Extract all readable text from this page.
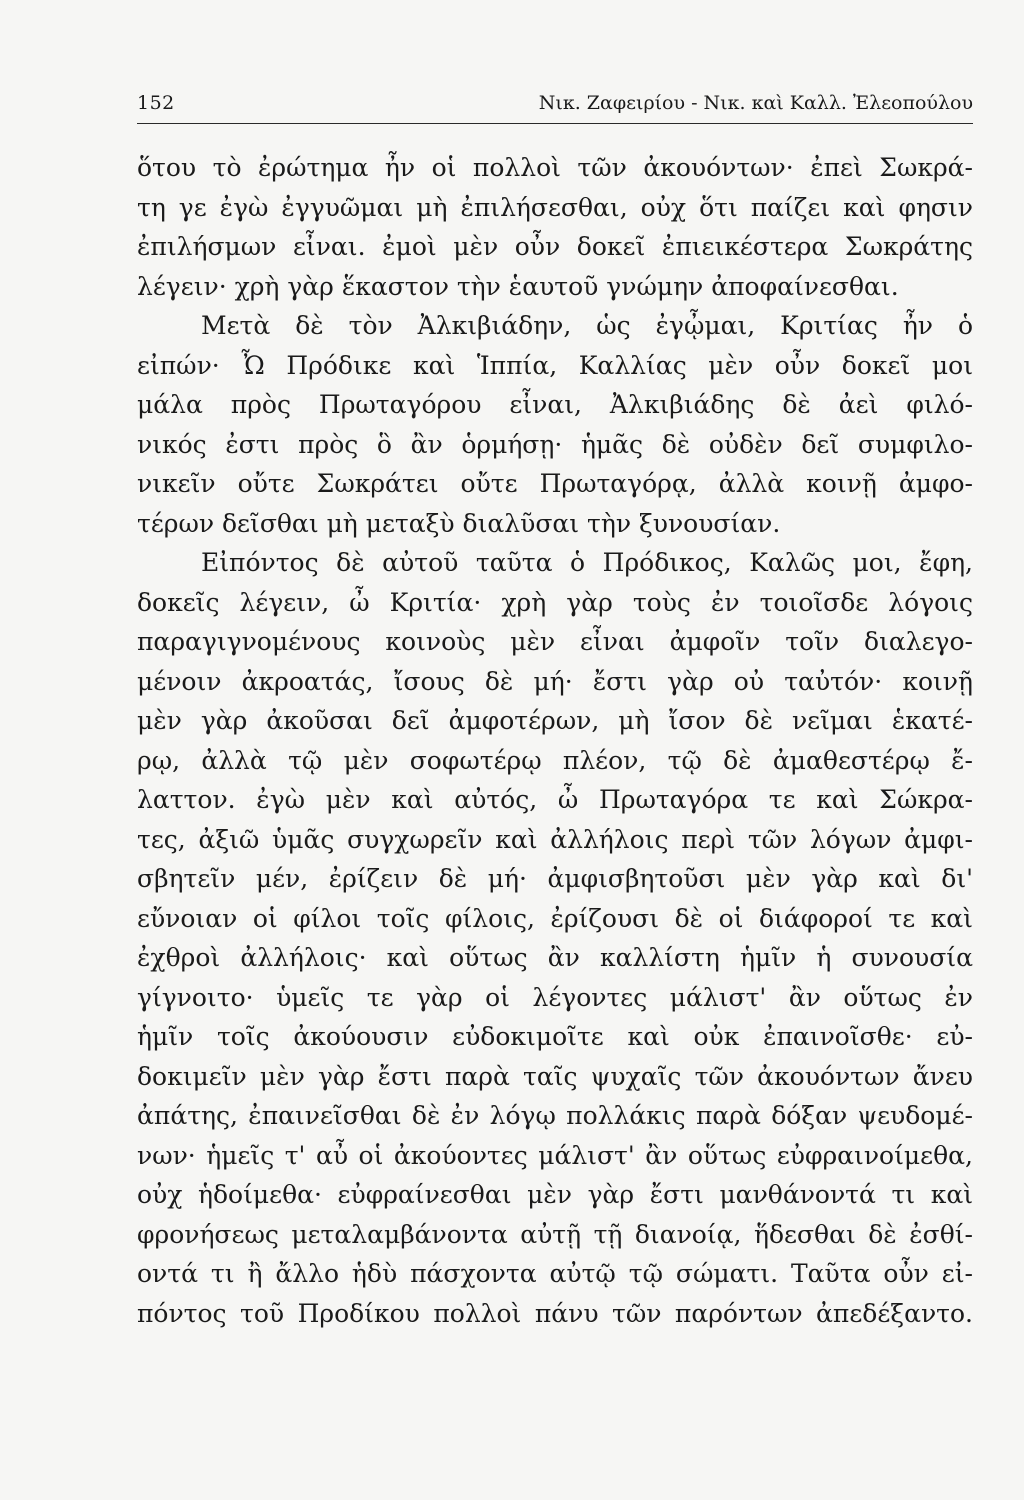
152	Νικ. Ζαφειρίου - Νικ. καὶ Καλλ. Ἐλεοπούλου
ὅτου τὸ ἐρώτημα ἦν οἱ πολλοὶ τῶν ἀκουόντων· ἐπεὶ Σωκρά-
τη γε ἐγὼ ἐγγυῶμαι μὴ ἐπιλήσεσθαι, οὐχ ὅτι παίζει καὶ φησιν
ἐπιλήσμων εἶναι. ἐμοὶ μὲν οὖν δοκεῖ ἐπιεικέστερα Σωκράτης
λέγειν· χρὴ γὰρ ἕκαστον τὴν ἑαυτοῦ γνώμην ἀποφαίνεσθαι.
Μετὰ δὲ τὸν Ἀλκιβιάδην, ὡς ἐγᾦμαι, Κριτίας ἦν ὁ
εἰπών· Ὦ Πρόδικε καὶ Ἱππία, Καλλίας μὲν οὖν δοκεῖ μοι
μάλα πρὸς Πρωταγόρου εἶναι, Ἀλκιβιάδης δὲ ἀεὶ φιλό-
νικός ἐστι πρὸς ὃ ἂν ὁρμήσῃ· ἡμᾶς δὲ οὐδὲν δεῖ συμφιλο-
νικεῖν οὔτε Σωκράτει οὔτε Πρωταγόρᾳ, ἀλλὰ κοινῇ ἀμφο-
τέρων δεῖσθαι μὴ μεταξὺ διαλῦσαι τὴν ξυνουσίαν.
Εἰπόντος δὲ αὐτοῦ ταῦτα ὁ Πρόδικος, Καλῶς μοι, ἔφη,
δοκεῖς λέγειν, ὦ Κριτία· χρὴ γὰρ τοὺς ἐν τοιοῖσδε λόγοις
παραγιγνομένους κοινοὺς μὲν εἶναι ἀμφοῖν τοῖν διαλεγο-
μένοιν ἀκροατάς, ἴσους δὲ μή· ἔστι γὰρ οὐ ταὐτόν· κοινῇ
μὲν γὰρ ἀκοῦσαι δεῖ ἀμφοτέρων, μὴ ἴσον δὲ νεῖμαι ἑκατέ-
ρῳ, ἀλλὰ τῷ μὲν σοφωτέρῳ πλέον, τῷ δὲ ἀμαθεστέρῳ ἔ-
λαττον. ἐγὼ μὲν καὶ αὐτός, ὦ Πρωταγόρα τε καὶ Σώκρα-
τες, ἀξιῶ ὑμᾶς συγχωρεῖν καὶ ἀλλήλοις περὶ τῶν λόγων ἀμφι-
σβητεῖν μέν, ἐρίζειν δὲ μή· ἀμφισβητοῦσι μὲν γὰρ καὶ δι'
εὔνοιαν οἱ φίλοι τοῖς φίλοις, ἐρίζουσι δὲ οἱ διάφοροί τε καὶ
ἐχθροὶ ἀλλήλοις· καὶ οὕτως ἂν καλλίστη ἡμῖν ἡ συνουσία
γίγνοιτο· ὑμεῖς τε γὰρ οἱ λέγοντες μάλιστ' ἂν οὕτως ἐν
ἡμῖν τοῖς ἀκούουσιν εὐδοκιμοῖτε καὶ οὐκ ἐπαινοῖσθε· εὐ-
δοκιμεῖν μὲν γὰρ ἔστι παρὰ ταῖς ψυχαῖς τῶν ἀκουόντων ἄνευ
ἀπάτης, ἐπαινεῖσθαι δὲ ἐν λόγῳ πολλάκις παρὰ δόξαν ψευδομέ-
νων· ἡμεῖς τ' αὖ οἱ ἀκούοντες μάλιστ' ἂν οὕτως εὐφραινοίμεθα,
οὐχ ἡδοίμεθα· εὐφραίνεσθαι μὲν γὰρ ἔστι μανθάνοντά τι καὶ
φρονήσεως μεταλαμβάνοντα αὐτῇ τῇ διανοίᾳ, ἥδεσθαι δὲ ἐσθί-
οντά τι ἢ ἄλλο ἡδὺ πάσχοντα αὐτῷ τῷ σώματι. Ταῦτα οὖν εἰ-
πόντος τοῦ Προδίκου πολλοὶ πάνυ τῶν παρόντων ἀπεδέξαντο.
